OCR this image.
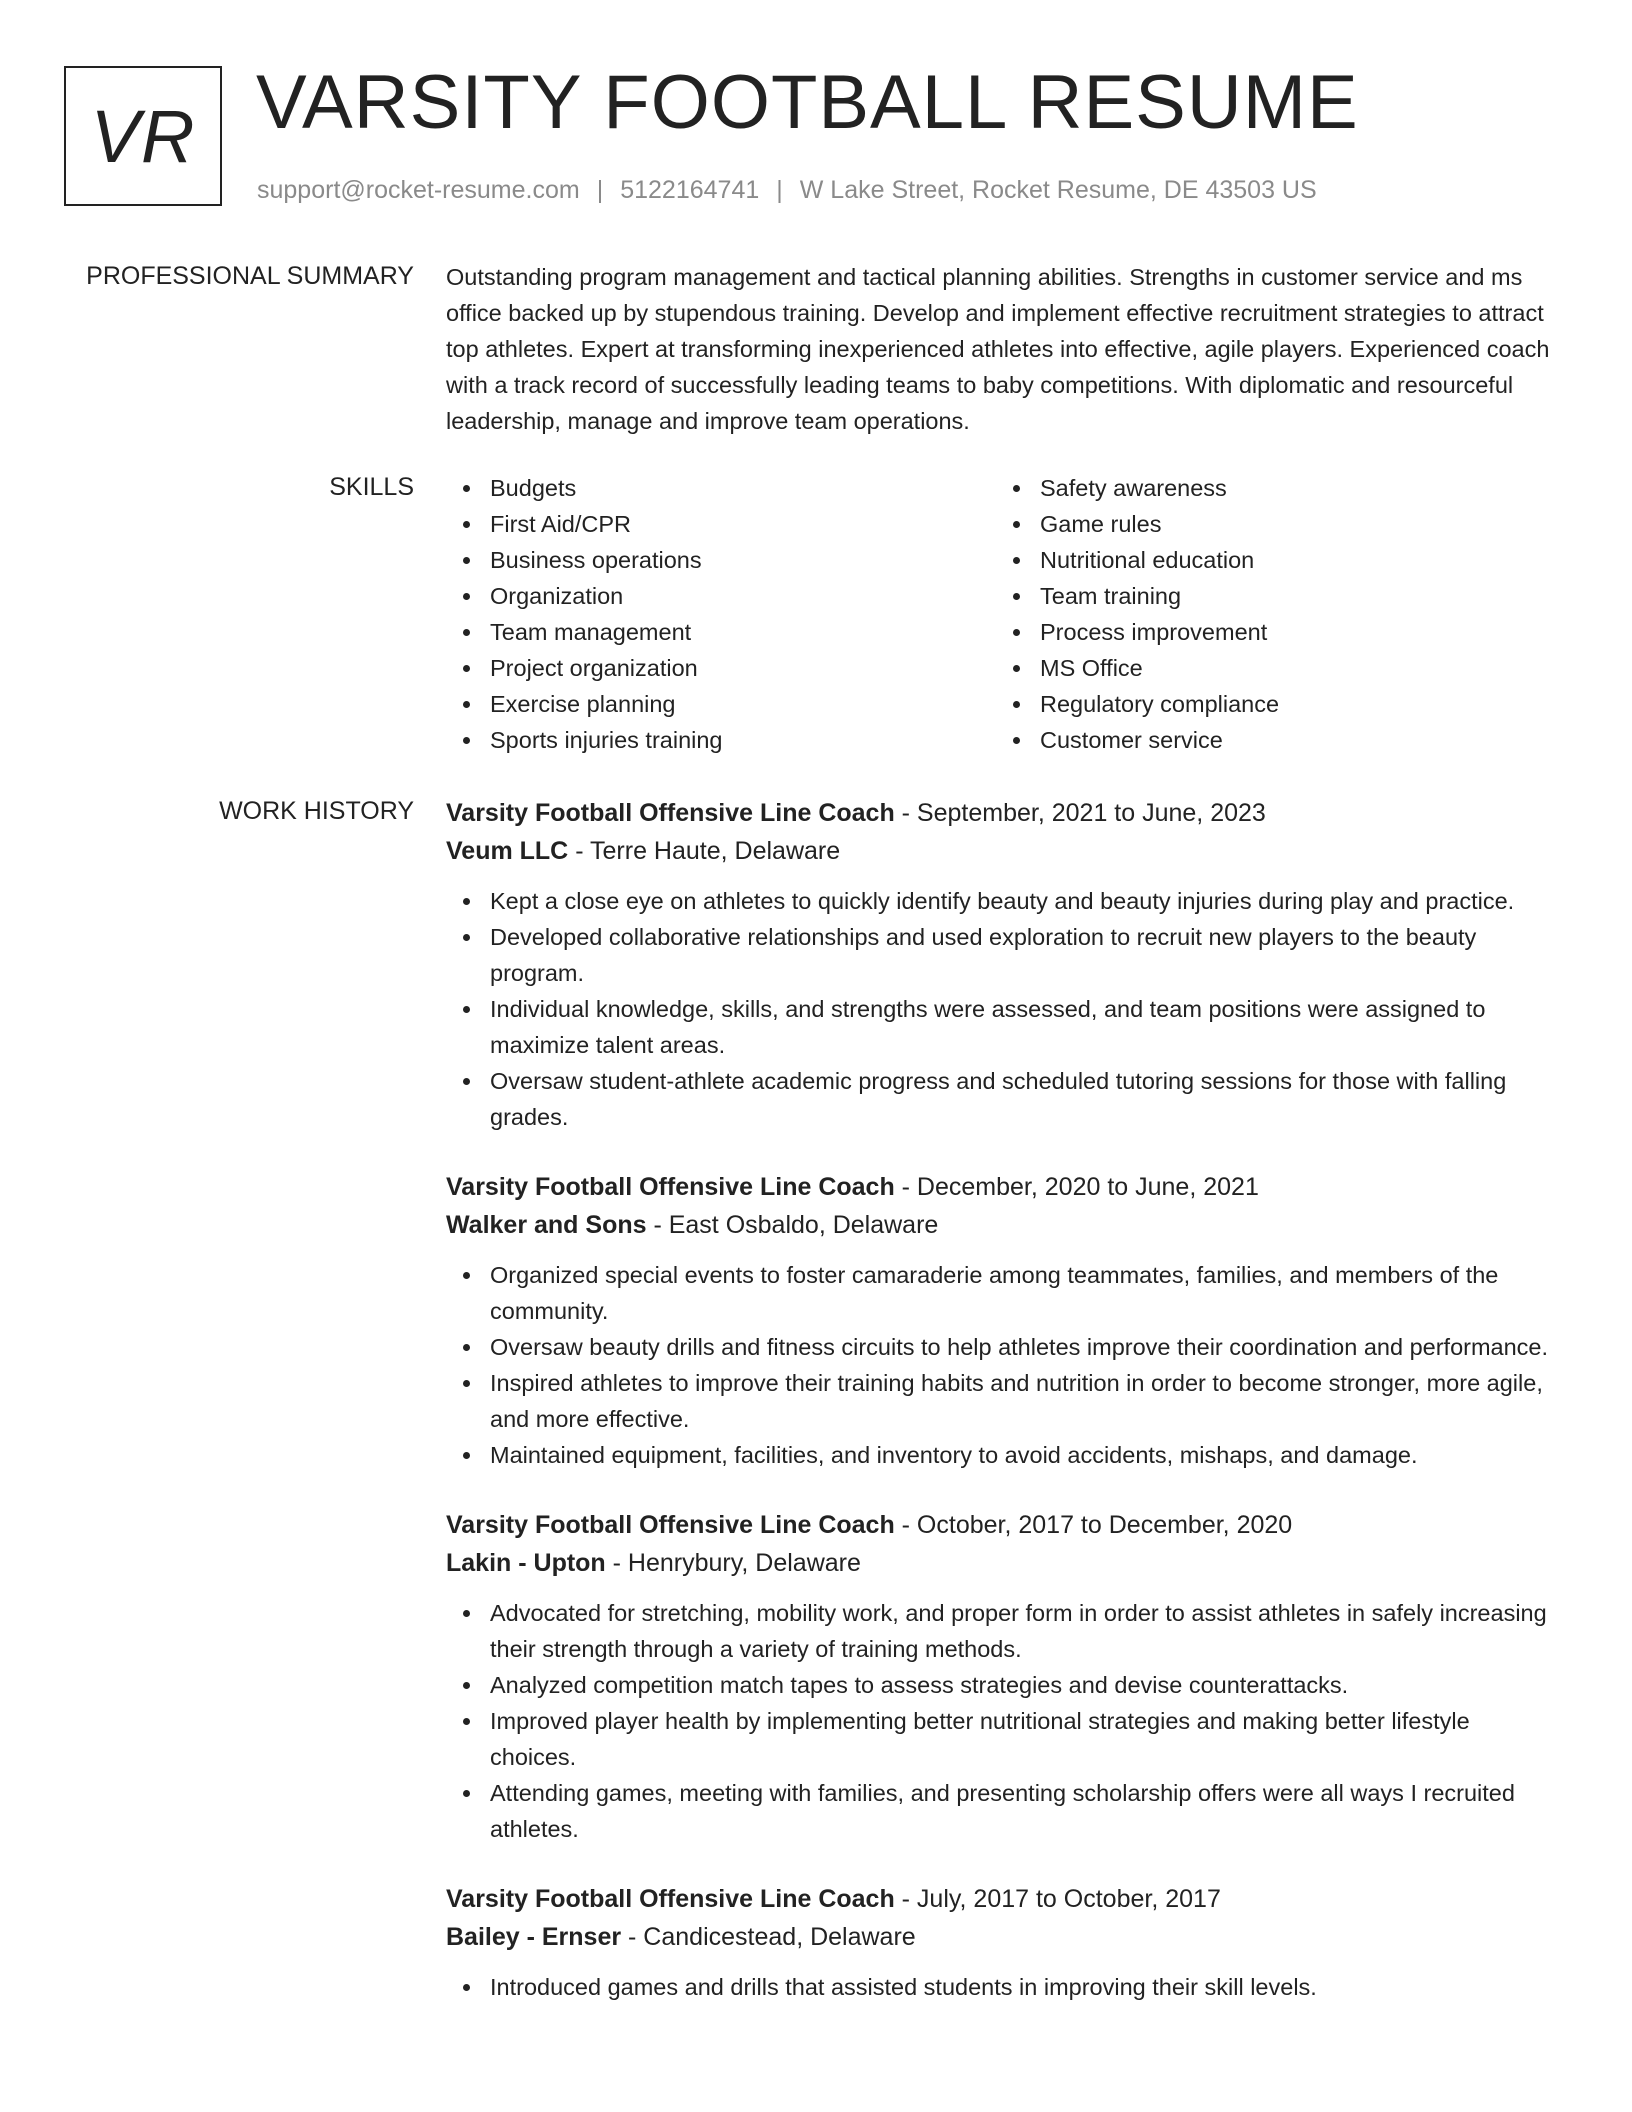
VR VARSITY FOOTBALL RESUME
support@rocket-resume.com | 5122164741 | W Lake Street, Rocket Resume, DE 43503 US
PROFESSIONAL SUMMARY Outstanding program management and tactical planning abilities. Strengths in customer service and ms office backed up by stupendous training. Develop and implement effective recruitment strategies to attract top athletes. Expert at transforming inexperienced athletes into effective, agile players. Experienced coach with a track record of successfully leading teams to baby competitions. With diplomatic and resourceful leadership, manage and improve team operations.

SKILLS	Budgets
First Aid/CPR
Business operations
Organization
Team management
Project organization
Exercise planning
Sports injuries training
Safety awareness
Game rules
Nutritional education
Team training
Process improvement
MS Office
Regulatory compliance
Customer service
WORK HISTORY Varsity Football Offensive Line Coach - September, 2021 to June, 2023
Veum LLC - Terre Haute, Delaware
Kept a close eye on athletes to quickly identify beauty and beauty injuries during play and practice.
Developed collaborative relationships and used exploration to recruit new players to the beauty program.
Individual knowledge, skills, and strengths were assessed, and team positions were assigned to maximize talent areas.
Oversaw student-athlete academic progress and scheduled tutoring sessions for those with falling grades.
Varsity Football Offensive Line Coach - December, 2020 to June, 2021
Walker and Sons - East Osbaldo, Delaware
Organized special events to foster camaraderie among teammates, families, and members of the community.
Oversaw beauty drills and fitness circuits to help athletes improve their coordination and performance.
Inspired athletes to improve their training habits and nutrition in order to become stronger, more agile, and more effective.
Maintained equipment, facilities, and inventory to avoid accidents, mishaps, and damage.
Varsity Football Offensive Line Coach - October, 2017 to December, 2020
Lakin - Upton - Henrybury, Delaware
Advocated for stretching, mobility work, and proper form in order to assist athletes in safely increasing their strength through a variety of training methods.
Analyzed competition match tapes to assess strategies and devise counterattacks.
Improved player health by implementing better nutritional strategies and making better lifestyle choices.
Attending games, meeting with families, and presenting scholarship offers were all ways I recruited athletes.
Varsity Football Offensive Line Coach - July, 2017 to October, 2017
Bailey - Ernser - Candicestead, Delaware
Introduced games and drills that assisted students in improving their skill levels.
